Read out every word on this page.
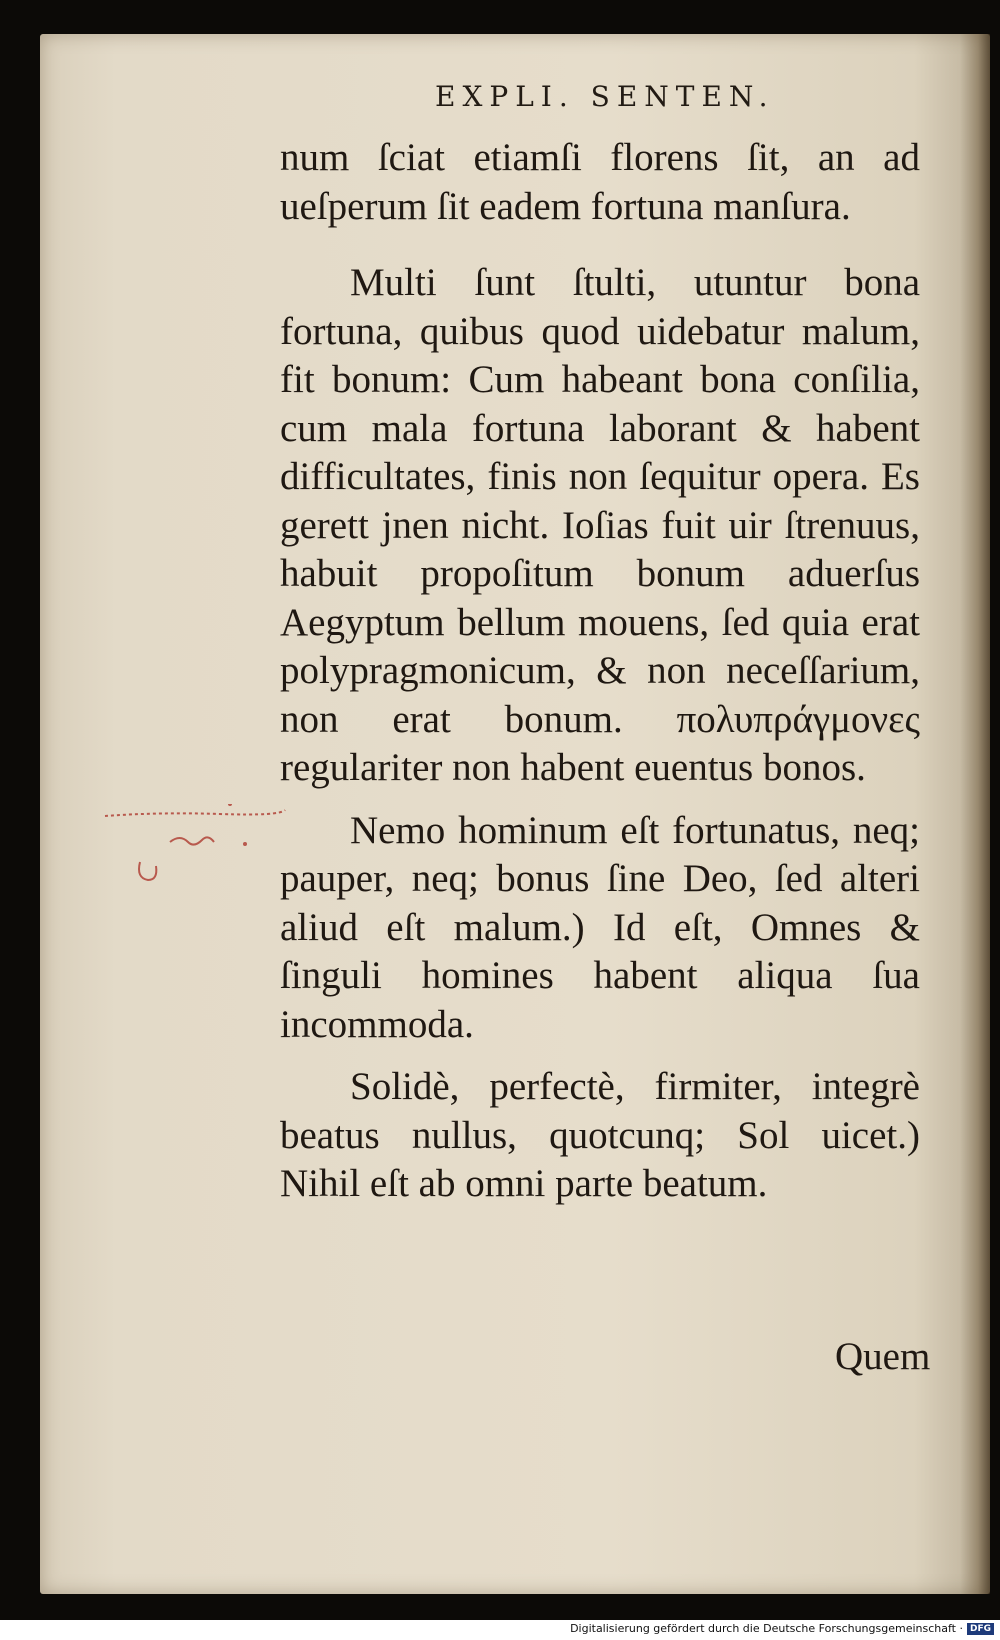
EXPLI. SENTEN.

num ſciat etiamſi florens ſit, an ad ueſperum ſit eadem fortuna manſura.

Multi ſunt ſtulti, utuntur bona fortuna, quibus quod uidebatur malum, fit bonum: Cum habeant bona conſilia, cum mala fortuna laborant & habent difficultates, finis non ſequitur opera. Es gerett jnen nicht. Ioſias fuit uir ſtrenuus, habuit propoſitum bonum aduerſus Aegyptum bellum mouens, ſed quia erat polypragmonicum, & non neceſſarium, non erat bonum. πολυπράγμονες regulariter non habent euentus bonos.

Nemo hominum eſt fortunatus, neq; pauper, neq; bonus ſine Deo, ſed alteri aliud eſt malum.) Id eſt, Omnes & ſinguli homines habent aliqua ſua incommoda.

Solidè, perfectè, firmiter, integrè beatus nullus, quotcunq; Sol uicet.) Nihil eſt ab omni parte beatum.

Quem
Digitalisierung gefördert durch die Deutsche Forschungsgemeinschaft · DFG
